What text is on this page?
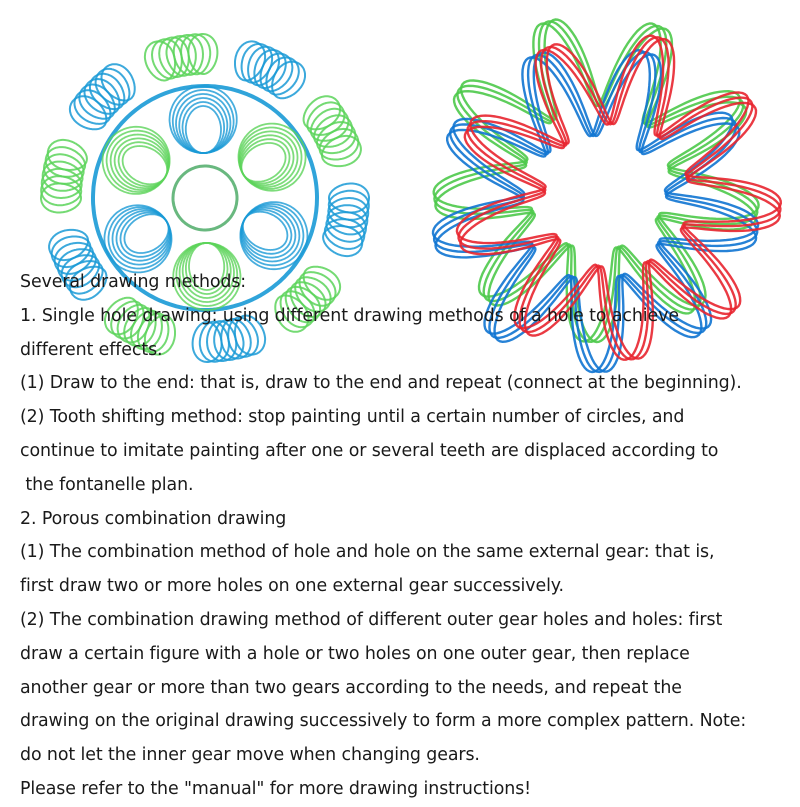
Several drawing methods:
1. Single hole drawing: using different drawing methods of a hole to achieve
different effects.
(1) Draw to the end: that is, draw to the end and repeat (connect at the beginning).
(2) Tooth shifting method: stop painting until a certain number of circles, and
continue to imitate painting after one or several teeth are displaced according to
the fontanelle plan.
2. Porous combination drawing
(1) The combination method of hole and hole on the same external gear: that is,
first draw two or more holes on one external gear successively.
(2) The combination drawing method of different outer gear holes and holes: first
draw a certain figure with a hole or two holes on one outer gear, then replace
another gear or more than two gears according to the needs, and repeat the
drawing on the original drawing successively to form a more complex pattern. Note:
do not let the inner gear move when changing gears.
Please refer to the "manual" for more drawing instructions!
